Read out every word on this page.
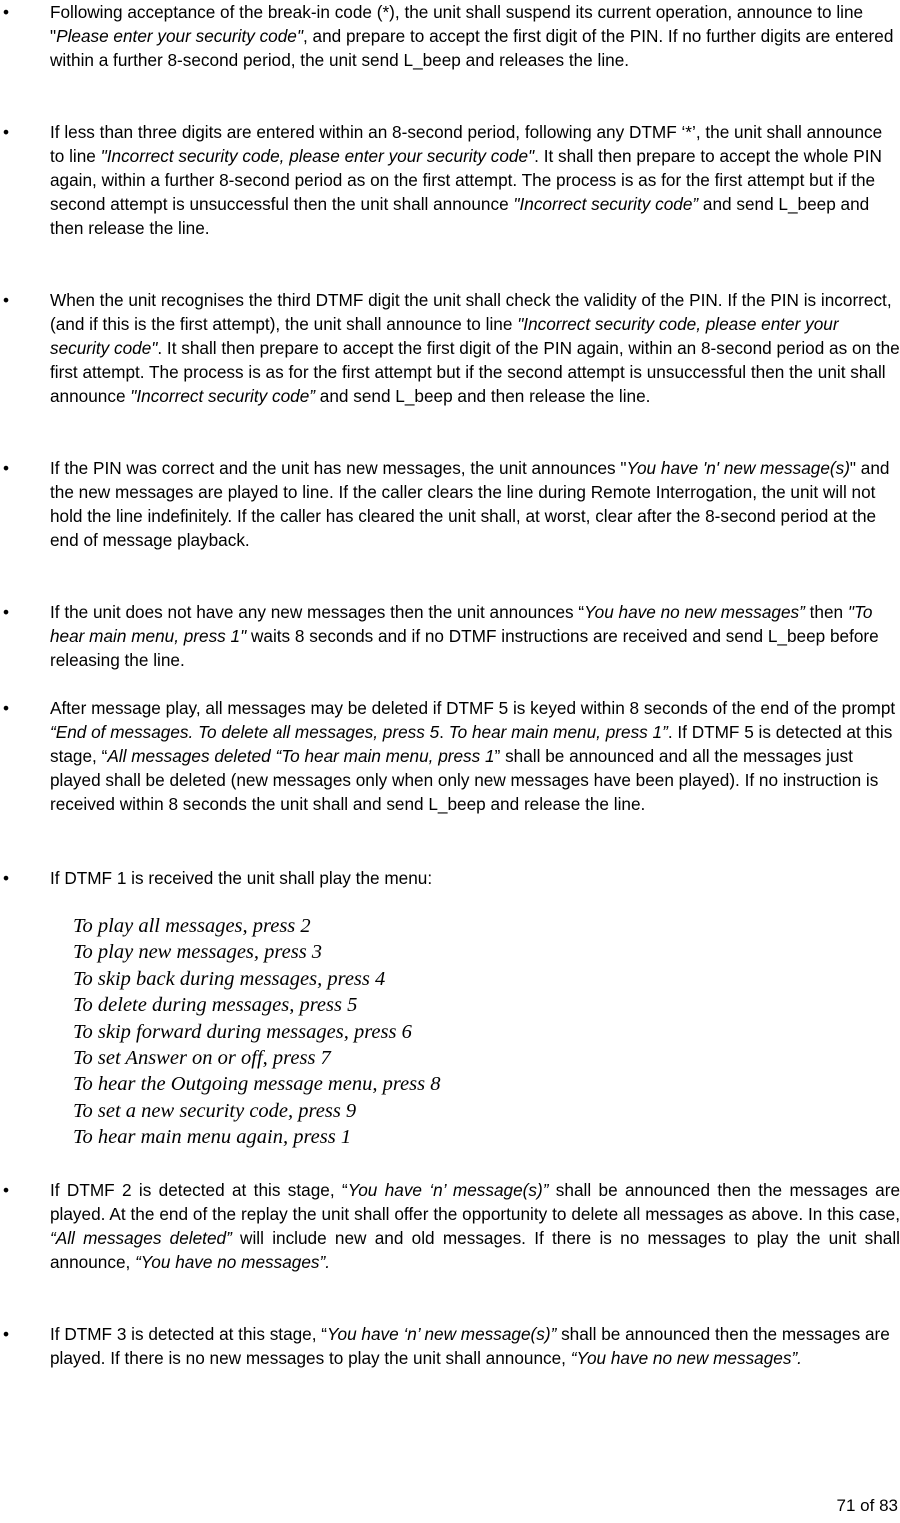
• Following acceptance of the break-in code (*), the unit shall suspend its current operation, announce to line "Please enter your security code", and prepare to accept the first digit of the PIN. If no further digits are entered within a further 8-second period, the unit send L_beep and releases the line.
• If less than three digits are entered within an 8-second period, following any DTMF ‘*’, the unit shall announce to line "Incorrect security code, please enter your security code". It shall then prepare to accept the whole PIN again, within a further 8-second period as on the first attempt. The process is as for the first attempt but if the second attempt is unsuccessful then the unit shall announce "Incorrect security code” and send L_beep and then release the line.
• When the unit recognises the third DTMF digit the unit shall check the validity of the PIN. If the PIN is incorrect, (and if this is the first attempt), the unit shall announce to line "Incorrect security code, please enter your security code". It shall then prepare to accept the first digit of the PIN again, within an 8-second period as on the first attempt. The process is as for the first attempt but if the second attempt is unsuccessful then the unit shall announce "Incorrect security code” and send L_beep and then release the line.
• If the PIN was correct and the unit has new messages, the unit announces "You have 'n' new message(s)" and the new messages are played to line. If the caller clears the line during Remote Interrogation, the unit will not hold the line indefinitely. If the caller has cleared the unit shall, at worst, clear after the 8-second period at the end of message playback.
• If the unit does not have any new messages then the unit announces “You have no new messages” then "To hear main menu, press 1" waits 8 seconds and if no DTMF instructions are received and send L_beep before releasing the line.
• After message play, all messages may be deleted if DTMF 5 is keyed within 8 seconds of the end of the prompt “End of messages. To delete all messages, press 5. To hear main menu, press 1”. If DTMF 5 is detected at this stage, “All messages deleted “To hear main menu, press 1” shall be announced and all the messages just played shall be deleted (new messages only when only new messages have been played). If no instruction is received within 8 seconds the unit shall and send L_beep and release the line.
• If DTMF 1 is received the unit shall play the menu:
To play all messages, press 2
To play new messages, press 3
To skip back during messages, press 4
To delete during messages, press 5
To skip forward during messages, press 6
To set Answer on or off, press 7
To hear the Outgoing message menu, press 8
To set a new security code, press 9
To hear main menu again, press 1
• If DTMF 2 is detected at this stage, “You have ‘n’ message(s)” shall be announced then the messages are played. At the end of the replay the unit shall offer the opportunity to delete all messages as above. In this case, “All messages deleted” will include new and old messages. If there is no messages to play the unit shall announce, “You have no messages”.
• If DTMF 3 is detected at this stage, “You have ‘n’ new message(s)” shall be announced then the messages are played. If there is no new messages to play the unit shall announce, “You have no new messages”.
71 of 83
